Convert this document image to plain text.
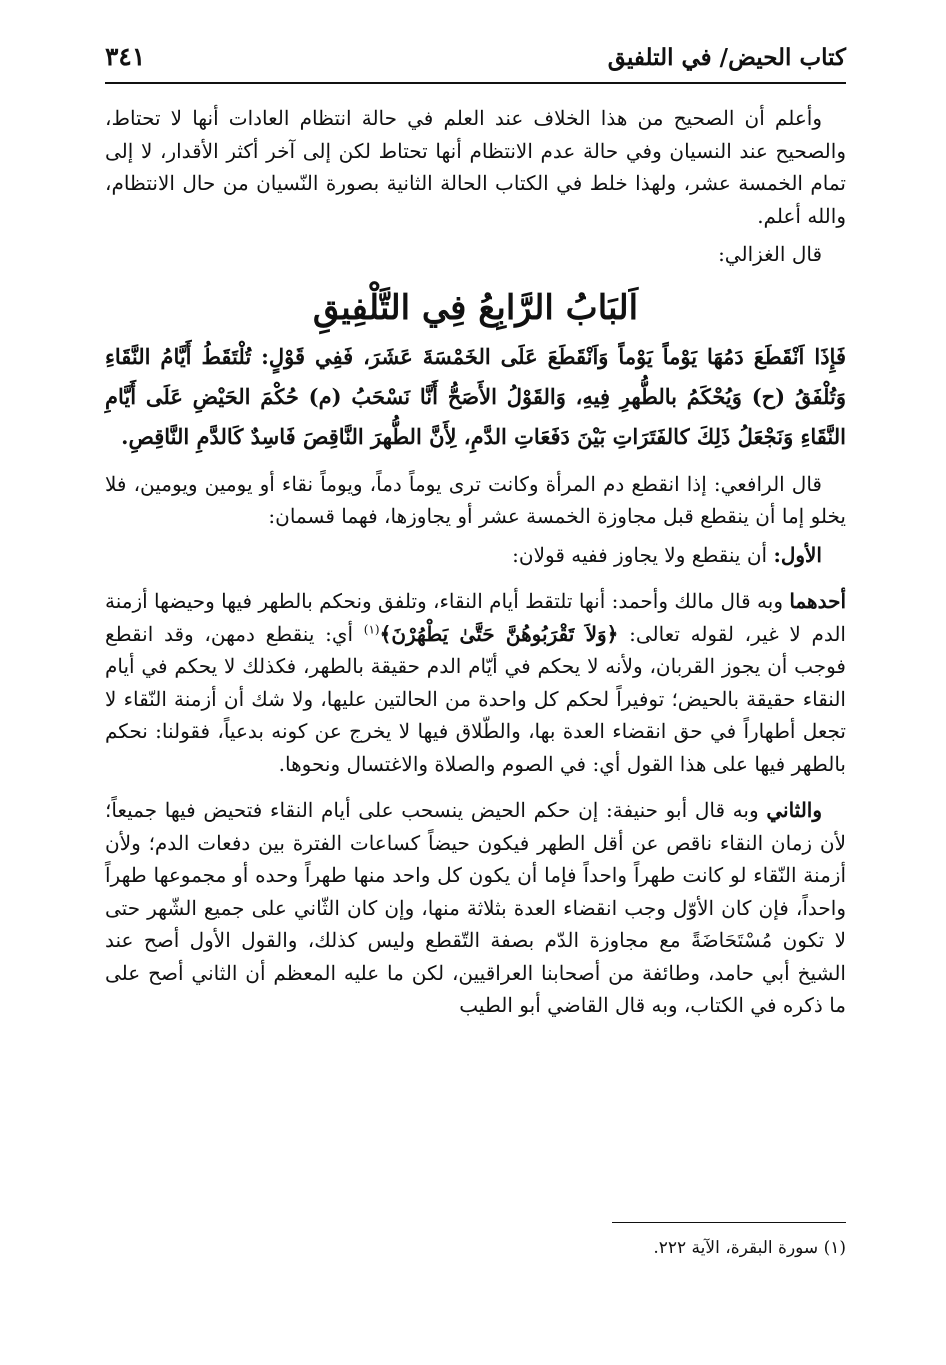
كتاب الحيض/ في التلفيق
٣٤١

وأعلم أن الصحيح من هذا الخلاف عند العلم في حالة انتظام العادات أنها لا تحتاط، والصحيح عند النسيان وفي حالة عدم الانتظام أنها تحتاط لكن إلى آخر أكثر الأقدار، لا إلى تمام الخمسة عشر، ولهذا خلط في الكتاب الحالة الثانية بصورة النّسيان من حال الانتظام، والله أعلم.

قال الغزالي:

اَلبَابُ الرَّابِعُ فِي التَّلْفِيقِ

فَإِذَا اَنْقَطَعَ دَمُهَا يَوْماً يَوْماً وَاَنْقَطَعَ عَلَى الخَمْسَةَ عَشَرَ، فَفِي قَوْلٍ: تُلْتَقَطُ أَيَّامُ النَّقَاءِ وَتُلْفَقُ (ح) وَيُحْكَمُ بالطُّهرِ فِيهِ، وَالقَوْلُ الأَصَحُّ أَنَّا نَسْحَبُ (م) حُكْمَ الحَيْضِ عَلَى أَيَّامِ النَّقَاءِ وَنَجْعَلُ ذَلِكَ كالفَتَرَاتِ بَيْنَ دَفَعَاتِ الدَّمِ، لِأَنَّ الطُّهرَ النَّاقِصَ فَاسِدٌ كَالدَّمِ النَّاقِصِ.

قال الرافعي: إذا انقطع دم المرأة وكانت ترى يوماً دماً، ويوماً نقاء أو يومين ويومين، فلا يخلو إما أن ينقطع قبل مجاوزة الخمسة عشر أو يجاوزها، فهما قسمان:

الأول: أن ينقطع ولا يجاوز ففيه قولان:

أحدهما وبه قال مالك وأحمد: أنها تلتقط أيام النقاء، وتلفق ونحكم بالطهر فيها وحيضها أزمنة الدم لا غير، لقوله تعالى: ﴿وَلاَ تَقْرَبُوهُنَّ حَتَّىٰ يَطْهُرْنَ﴾$^{(١)}$ أي: ينقطع دمهن، وقد انقطع فوجب أن يجوز القربان، ولأنه لا يحكم في أيّام الدم حقيقة بالطهر، فكذلك لا يحكم في أيام النقاء حقيقة بالحيض؛ توفيراً لحكم كل واحدة من الحالتين عليها، ولا شك أن أزمنة النّقاء لا تجعل أطهاراً في حق انقضاء العدة بها، والطّلاق فيها لا يخرج عن كونه بدعياً، فقولنا: نحكم بالطهر فيها على هذا القول أي: في الصوم والصلاة والاغتسال ونحوها.

والثاني وبه قال أبو حنيفة: إن حكم الحيض ينسحب على أيام النقاء فتحيض فيها جميعاً؛ لأن زمان النقاء ناقص عن أقل الطهر فيكون حيضاً كساعات الفترة بين دفعات الدم؛ ولأن أزمنة النّقاء لو كانت طهراً واحداً فإما أن يكون كل واحد منها طهراً وحده أو مجموعها طهراً واحداً، فإن كان الأوّل وجب انقضاء العدة بثلاثة منها، وإن كان الثّاني على جميع الشّهر حتى لا تكون مُسْتَحَاضَةً مع مجاوزة الدّم بصفة التّقطع وليس كذلك، والقول الأول أصح عند الشيخ أبي حامد، وطائفة من أصحابنا العراقيين، لكن ما عليه المعظم أن الثاني أصح على ما ذكره في الكتاب، وبه قال القاضي أبو الطيب

(١) سورة البقرة، الآية ٢٢٢.
